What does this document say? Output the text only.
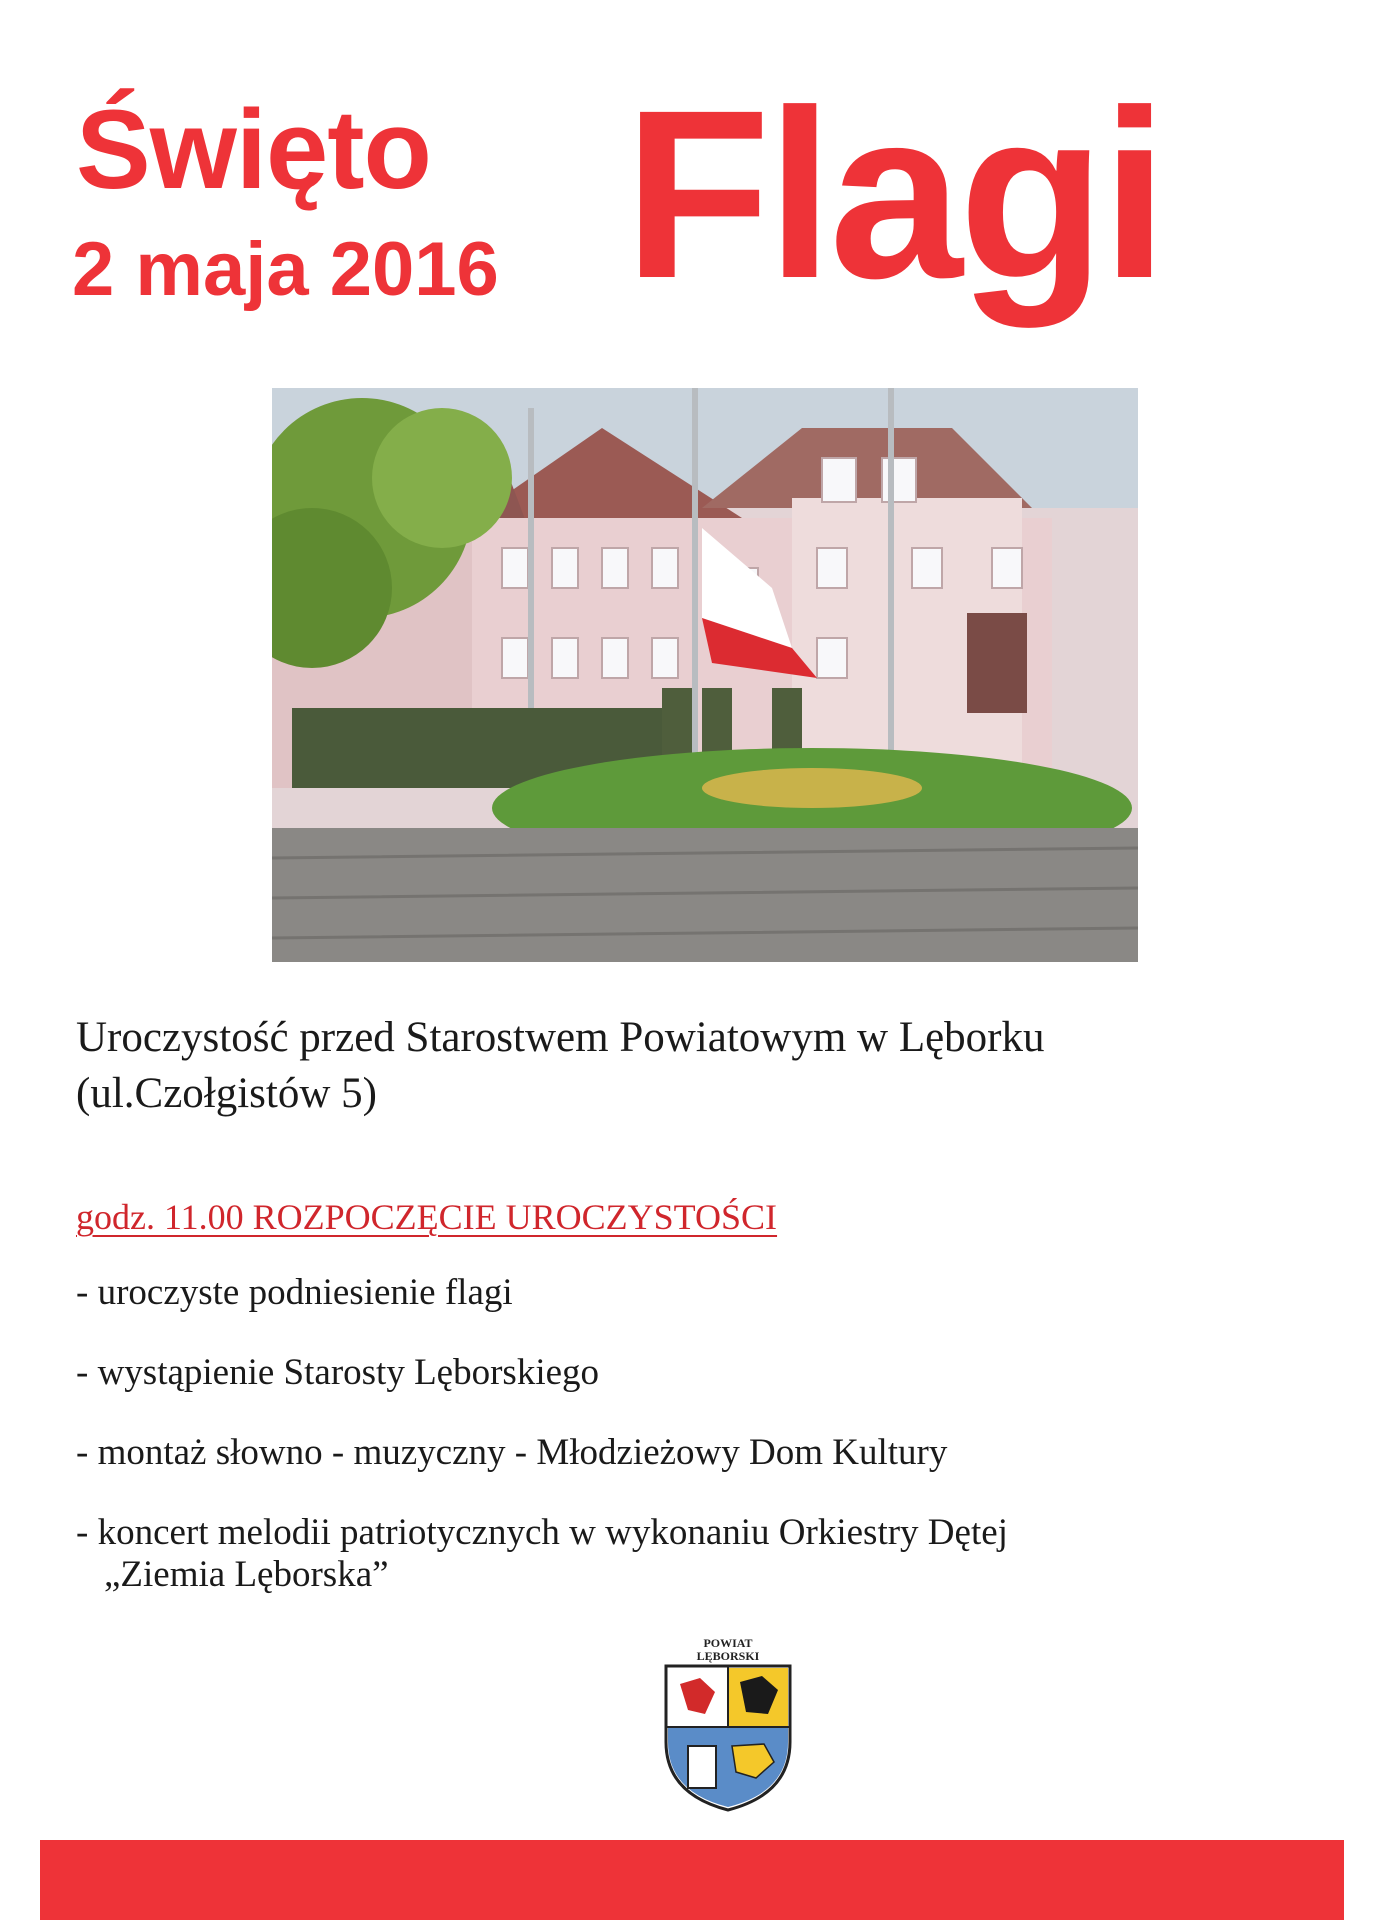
Święto
2 maja 2016 Flagi

Uroczystość przed Starostwem Powiatowym w Lęborku
(ul.Czołgistów 5)

godz. 11.00 ROZPOCZĘCIE UROCZYSTOŚCI

- uroczyste podniesienie flagi
- wystąpienie Starosty Lęborskiego
- montaż słowno - muzyczny - Młodzieżowy Dom Kultury
- koncert melodii patriotycznych w wykonaniu Orkiestry Dętej
„Ziemia Lęborska”
POWIAT
LĘBORSKI
